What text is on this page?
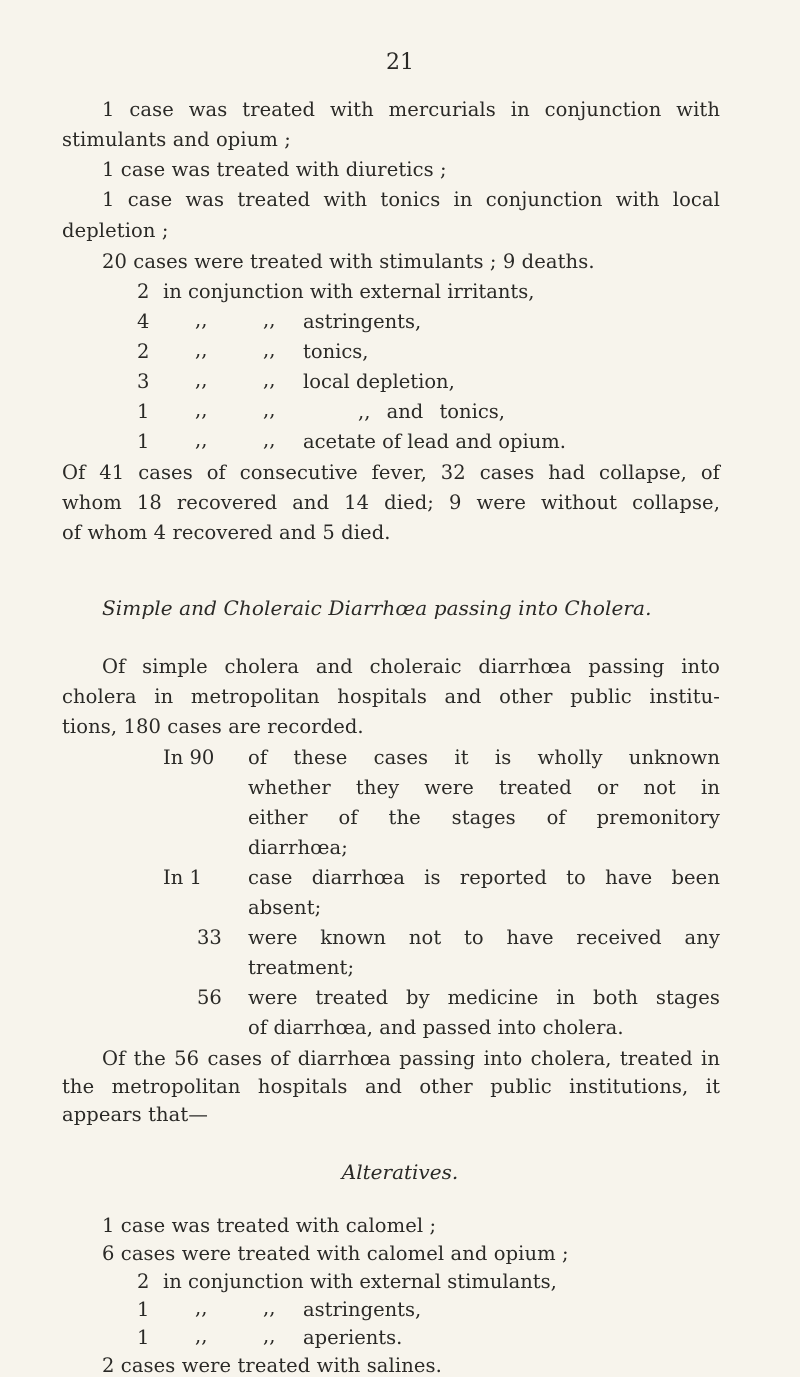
21
1 case was treated with mercurials in conjunction with
stimulants and opium ;
1 case was treated with diuretics ;
1 case was treated with tonics in conjunction with local
depletion ;
20 cases were treated with stimulants ; 9 deaths.
2 in conjunction with external irritants,
4 ,,	,, astringents,
2 ,,	,, tonics,
3 ,,	,, local depletion,
1 ,,	,,	,, and tonics,
1 ,,	,, acetate of lead and opium.
Of 41 cases of consecutive fever, 32 cases had collapse, of
whom 18 recovered and 14 died; 9 were without collapse,
of whom 4 recovered and 5 died.
Simple and Choleraic Diarrhœa passing into Cholera.
Of simple cholera and choleraic diarrhœa passing into
cholera in metropolitan hospitals and other public institu-
tions, 180 cases are recorded.
In 90 of these cases it is wholly unknown
whether they were treated or not in
either of the stages of premonitory
diarrhœa;
In 1 case diarrhœa is reported to have been
absent;
33 were known not to have received any
treatment;
56 were treated by medicine in both stages
of diarrhœa, and passed into cholera.
Of the 56 cases of diarrhœa passing into cholera, treated in
the metropolitan hospitals and other public institutions, it
appears that—
Alteratives.
1 case was treated with calomel ;
6 cases were treated with calomel and opium ;
2 in conjunction with external stimulants,
1 ,,	,, astringents,
1 ,,	,, aperients.
2 cases were treated with salines.
